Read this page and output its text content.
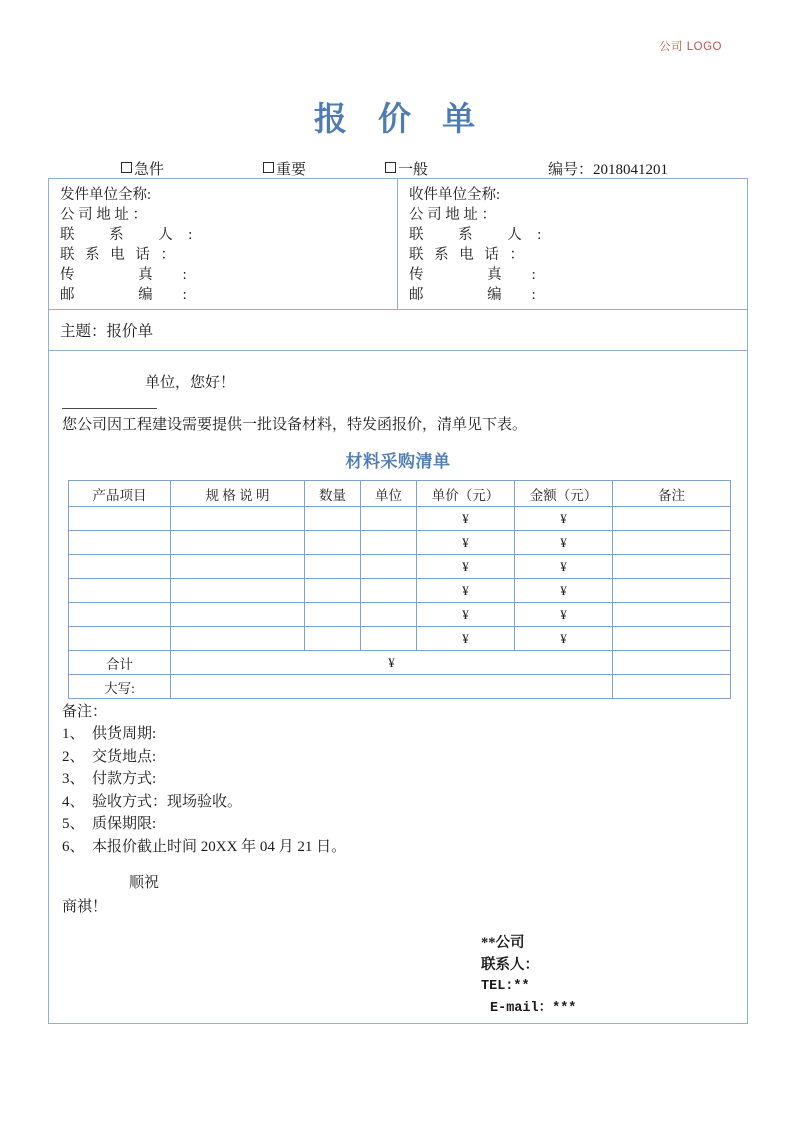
公司 LOGO
报 价 单
急件	重要	一般	编号：2018041201
发件单位全称:
公 司 地 址 ：
联 系 人:
联 系 电 话 ：
传 真:
邮 编:
收件单位全称:
公 司 地 址 ：
联 系 人:
联 系 电 话 ：
传 真:
邮 编:
主题：报价单
单位，您好！
您公司因工程建设需要提供一批设备材料，特发函报价，清单见下表。
材料采购清单
产品项目	规 格 说 明	数量	单位	单价（元）	金额（元）	备注
				¥	¥	
				¥	¥	
				¥	¥	
				¥	¥	
				¥	¥	
				¥	¥	
合计	¥					
大写:						
备注：
1、 供货周期:
2、 交货地点:
3、 付款方式:
4、 验收方式：现场验收。
5、 质保期限:
6、 本报价截止时间 20XX 年 04 月 21 日。
顺祝
商祺！
**公司
联系人：
TEL:**
E-mail：***
